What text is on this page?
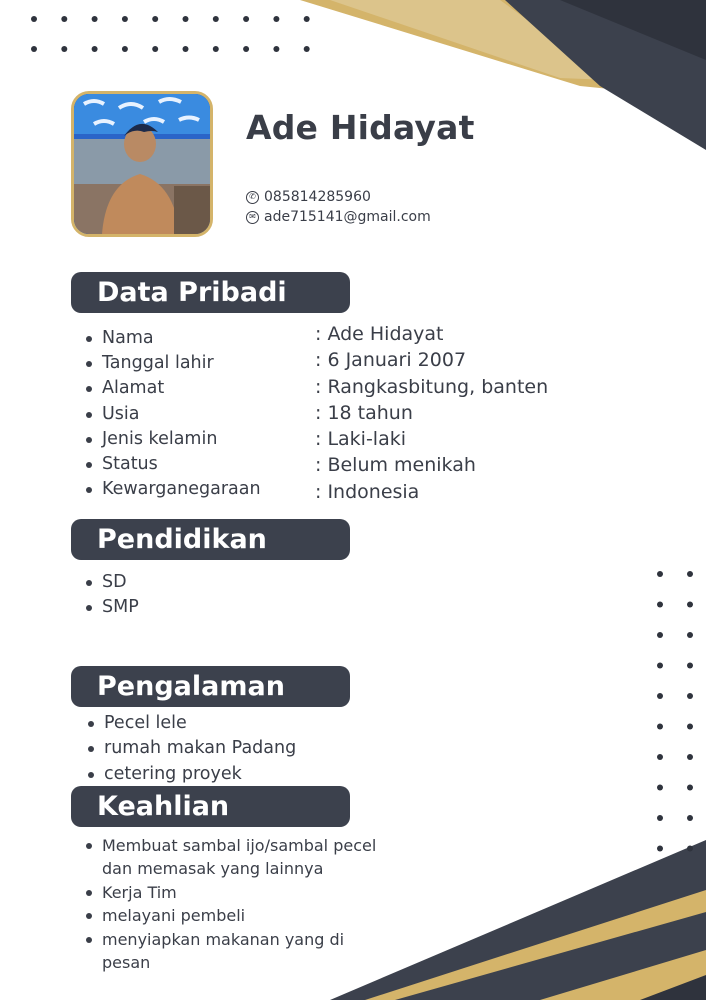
Ade Hidayat
✆ 085814285960
✉ ade715141@gmail.com
Data Pribadi
Nama
Tanggal lahir
Alamat
Usia
Jenis kelamin
Status
Kewarganegaraan
: Ade Hidayat
: 6 Januari 2007
: Rangkasbitung, banten
: 18 tahun
: Laki-laki
: Belum menikah
: Indonesia
Pendidikan
SD
SMP
Pengalaman
Pecel lele
rumah makan Padang
cetering proyek
Keahlian
Membuat sambal ijo/sambal pecel dan memasak yang lainnya
Kerja Tim
melayani pembeli
menyiapkan makanan yang di pesan
